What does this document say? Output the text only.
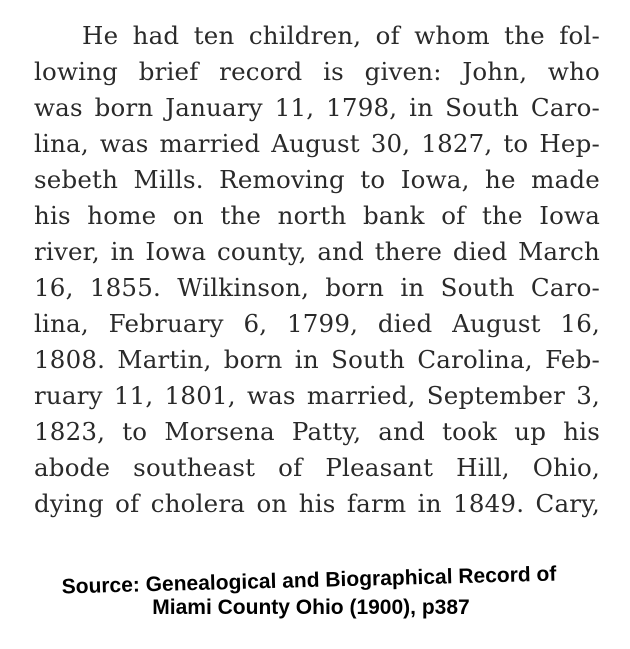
He had ten children, of whom the fol-
lowing brief record is given: John, who
was born January 11, 1798, in South Caro-
lina, was married August 30, 1827, to Hep-
sebeth Mills. Removing to Iowa, he made
his home on the north bank of the Iowa
river, in Iowa county, and there died March
16, 1855. Wilkinson, born in South Caro-
lina, February 6, 1799, died August 16,
1808. Martin, born in South Carolina, Feb-
ruary 11, 1801, was married, September 3,
1823, to Morsena Patty, and took up his
abode southeast of Pleasant Hill, Ohio,
dying of cholera on his farm in 1849. Cary,
Source: Genealogical and Biographical Record of
Miami County Ohio (1900), p387
